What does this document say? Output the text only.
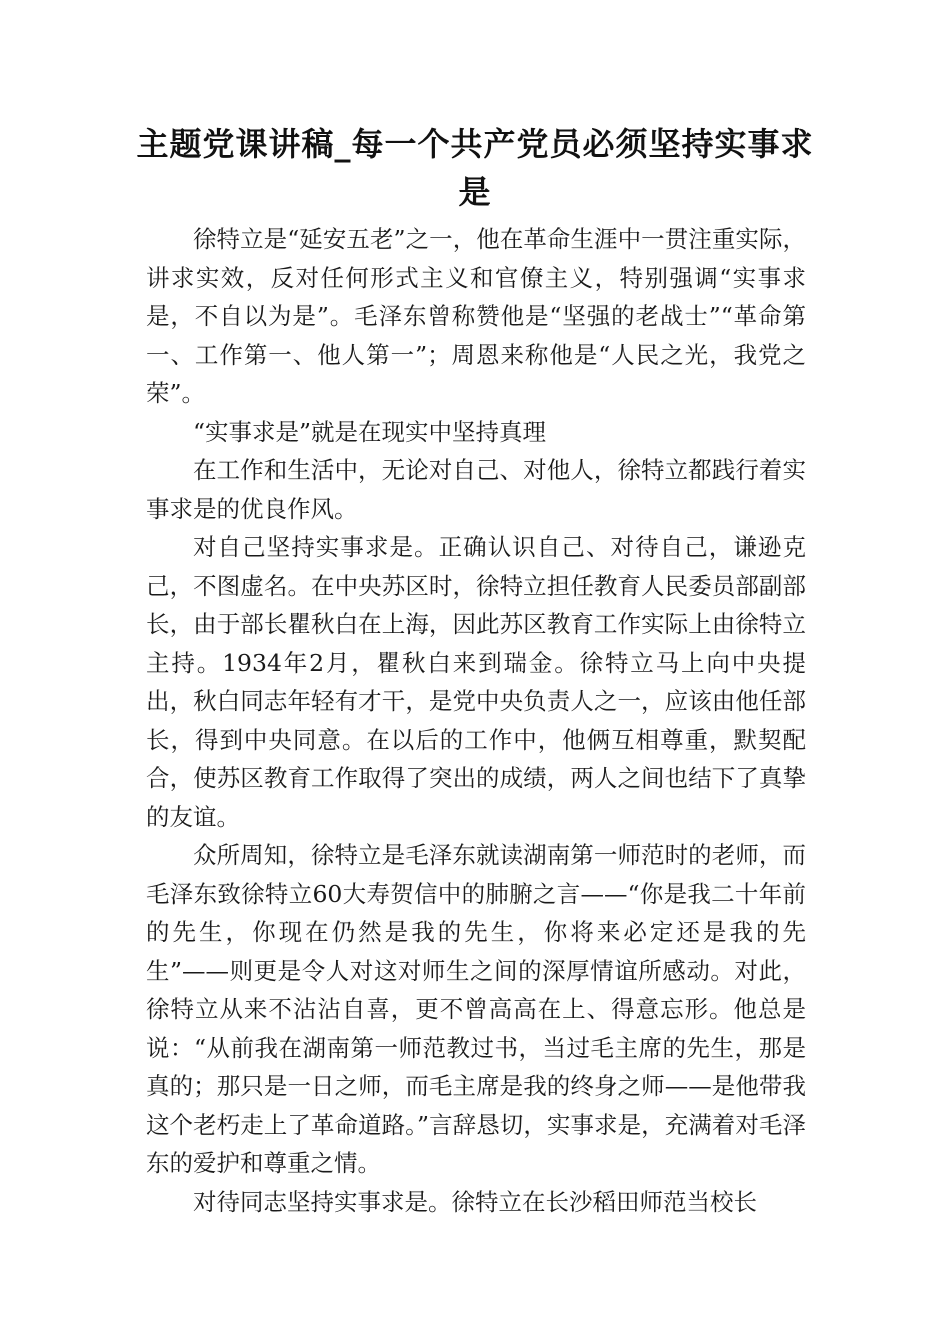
主题党课讲稿_每一个共产党员必须坚持实事求是

徐特立是“延安五老”之一，他在革命生涯中一贯注重实际，讲求实效，反对任何形式主义和官僚主义，特别强调“实事求是，不自以为是”。毛泽东曾称赞他是“坚强的老战士”“革命第一、工作第一、他人第一”；周恩来称他是“人民之光，我党之荣”。

“实事求是”就是在现实中坚持真理

在工作和生活中，无论对自己、对他人，徐特立都践行着实事求是的优良作风。

对自己坚持实事求是。正确认识自己、对待自己，谦逊克己，不图虚名。在中央苏区时，徐特立担任教育人民委员部副部长，由于部长瞿秋白在上海，因此苏区教育工作实际上由徐特立主持。1934年2月，瞿秋白来到瑞金。徐特立马上向中央提出，秋白同志年轻有才干，是党中央负责人之一，应该由他任部长，得到中央同意。在以后的工作中，他俩互相尊重，默契配合，使苏区教育工作取得了突出的成绩，两人之间也结下了真挚的友谊。

众所周知，徐特立是毛泽东就读湖南第一师范时的老师，而毛泽东致徐特立60大寿贺信中的肺腑之言——“你是我二十年前的先生，你现在仍然是我的先生，你将来必定还是我的先生”——则更是令人对这对师生之间的深厚情谊所感动。对此，徐特立从来不沾沾自喜，更不曾高高在上、得意忘形。他总是说：“从前我在湖南第一师范教过书，当过毛主席的先生，那是真的；那只是一日之师，而毛主席是我的终身之师——是他带我这个老朽走上了革命道路。”言辞恳切，实事求是，充满着对毛泽东的爱护和尊重之情。

对待同志坚持实事求是。徐特立在长沙稻田师范当校长
